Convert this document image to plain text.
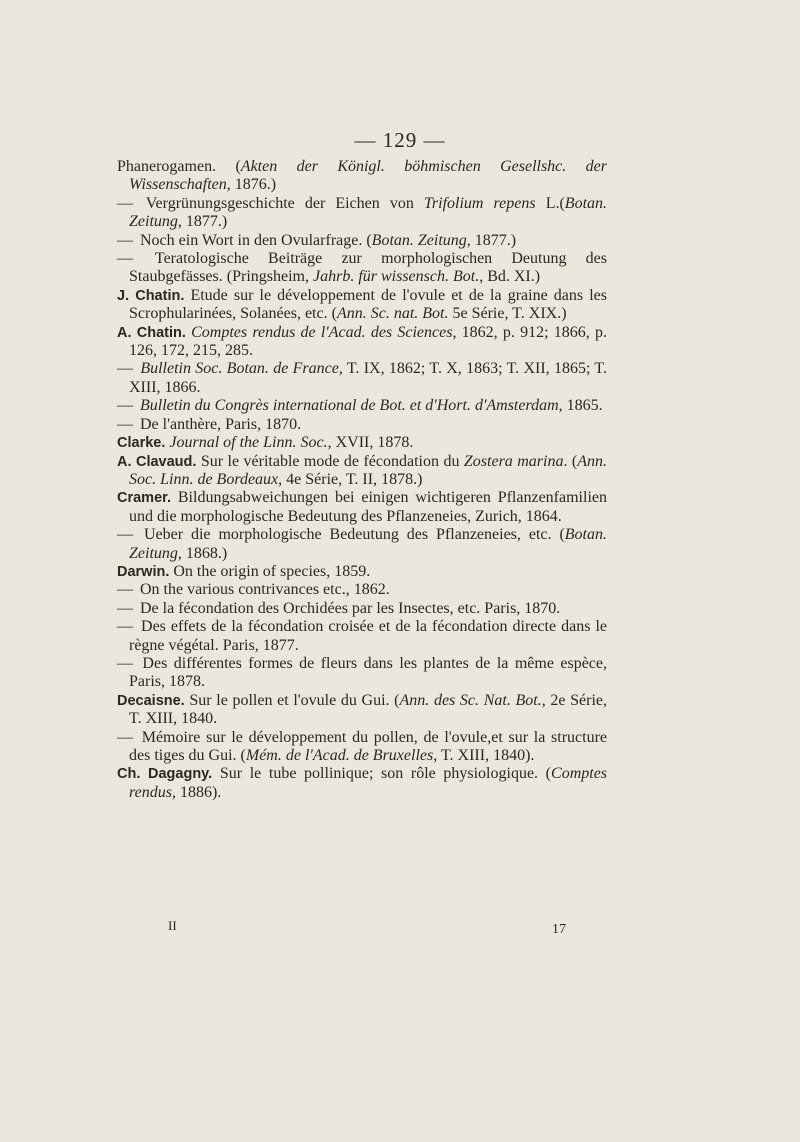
— 129 —
Phanerogamen. (Akten der Königl. böhmischen Gesellshc. der Wissenschaften, 1876.)
— Vergrünungsgeschichte der Eichen von Trifolium repens L.(Botan. Zeitung, 1877.)
— Noch ein Wort in den Ovularfrage. (Botan. Zeitung, 1877.)
— Teratologische Beiträge zur morphologischen Deutung des Staubgefässes. (Pringsheim, Jahrb. für wissensch. Bot., Bd. XI.)
J. Chatin. Etude sur le développement de l'ovule et de la graine dans les Scrophularinées, Solanées, etc. (Ann. Sc. nat. Bot. 5e Série, T. XIX.)
A. Chatin. Comptes rendus de l'Acad. des Sciences, 1862, p. 912; 1866, p. 126, 172, 215, 285.
— Bulletin Soc. Botan. de France, T. IX, 1862; T. X, 1863; T. XII, 1865; T. XIII, 1866.
— Bulletin du Congrès international de Bot. et d'Hort. d'Amsterdam, 1865.
— De l'anthère, Paris, 1870.
Clarke. Journal of the Linn. Soc., XVII, 1878.
A. Clavaud. Sur le véritable mode de fécondation du Zostera marina. (Ann. Soc. Linn. de Bordeaux, 4e Série, T. II, 1878.)
Cramer. Bildungsabweichungen bei einigen wichtigeren Pflanzenfamilien und die morphologische Bedeutung des Pflanzeneies, Zurich, 1864.
— Ueber die morphologische Bedeutung des Pflanzeneies, etc. (Botan. Zeitung, 1868.)
Darwin. On the origin of species, 1859.
— On the various contrivances etc., 1862.
— De la fécondation des Orchidées par les Insectes, etc. Paris, 1870.
— Des effets de la fécondation croisée et de la fécondation directe dans le règne végétal. Paris, 1877.
— Des différentes formes de fleurs dans les plantes de la même espèce, Paris, 1878.
Decaisne. Sur le pollen et l'ovule du Gui. (Ann. des Sc. Nat. Bot., 2e Série, T. XIII, 1840.
— Mémoire sur le développement du pollen, de l'ovule,et sur la structure des tiges du Gui. (Mém. de l'Acad. de Bruxelles, T. XIII, 1840).
Ch. Dagagny. Sur le tube pollinique; son rôle physiologique. (Comptes rendus, 1886).
II	17
